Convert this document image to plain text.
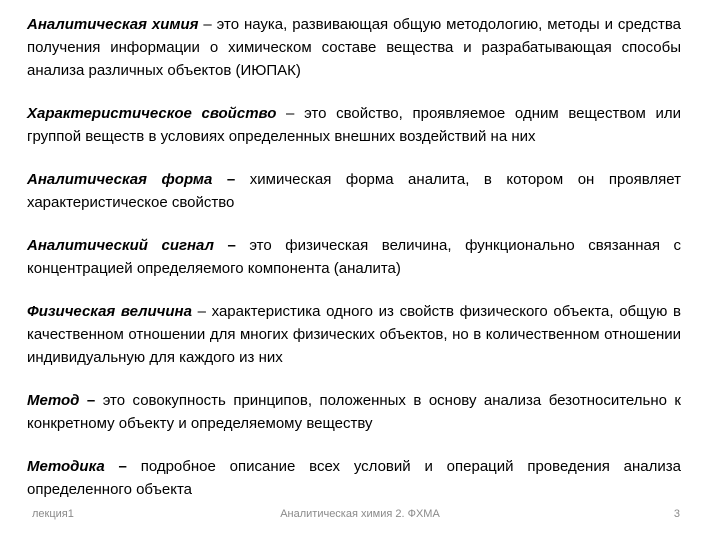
Аналитическая химия – это наука, развивающая общую методологию, методы и средства получения информации о химическом составе вещества и разрабатывающая способы анализа различных объектов (ИЮПАК)

Характеристическое свойство – это свойство, проявляемое одним веществом или группой веществ в условиях определенных внешних воздействий на них

Аналитическая форма – химическая форма аналита, в котором он проявляет характеристическое свойство

Аналитический сигнал – это физическая величина, функционально связанная с концентрацией определяемого компонента (аналита)

Физическая величина – характеристика одного из свойств физического объекта, общую в качественном отношении для многих физических объектов, но в количественном отношении индивидуальную для каждого из них

Метод – это совокупность принципов, положенных в основу анализа безотносительно к конкретному объекту и определяемому веществу

Методика – подробное описание всех условий и операций проведения анализа определенного объекта

лекция1	Аналитическая химия 2. ФХМА	3
